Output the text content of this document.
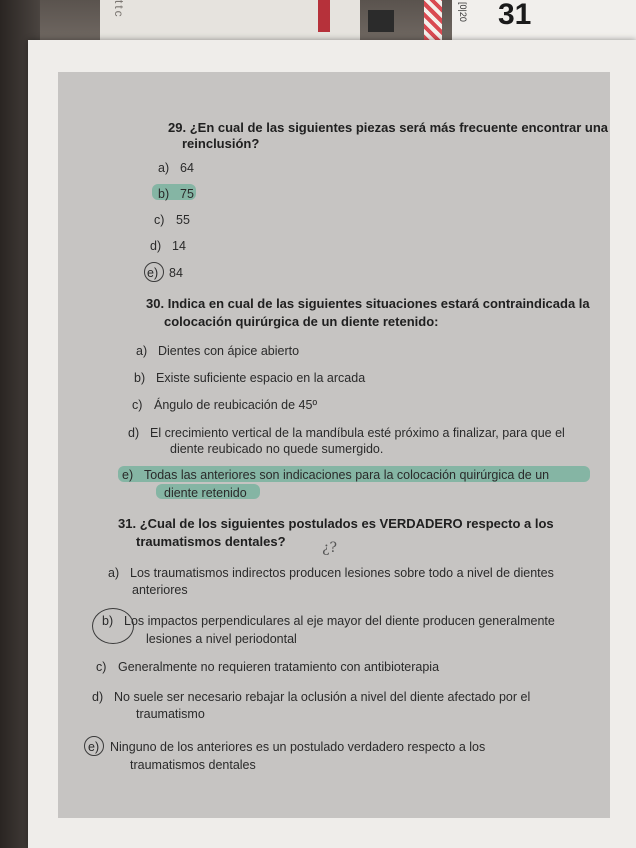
ttc	[0|20 31
29. ¿En cual de las siguientes piezas será más frecuente encontrar una
reinclusión?
a) 64
b) 75
c) 55
d) 14
e) 84
30. Indica en cual de las siguientes situaciones estará contraindicada la
colocación quirúrgica de un diente retenido:
a) Dientes con ápice abierto
b) Existe suficiente espacio en la arcada
c) Ángulo de reubicación de 45º
d) El crecimiento vertical de la mandíbula esté próximo a finalizar, para que el
diente reubicado no quede sumergido.
e) Todas las anteriores son indicaciones para la colocación quirúrgica de un
diente retenido
31. ¿Cual de los siguientes postulados es VERDADERO respecto a los
traumatismos dentales?	¿?
a) Los traumatismos indirectos producen lesiones sobre todo a nivel de dientes
anteriores
b) Los impactos perpendiculares al eje mayor del diente producen generalmente
lesiones a nivel periodontal
c) Generalmente no requieren tratamiento con antibioterapia
d) No suele ser necesario rebajar la oclusión a nivel del diente afectado por el
traumatismo
e) Ninguno de los anteriores es un postulado verdadero respecto a los
traumatismos dentales
